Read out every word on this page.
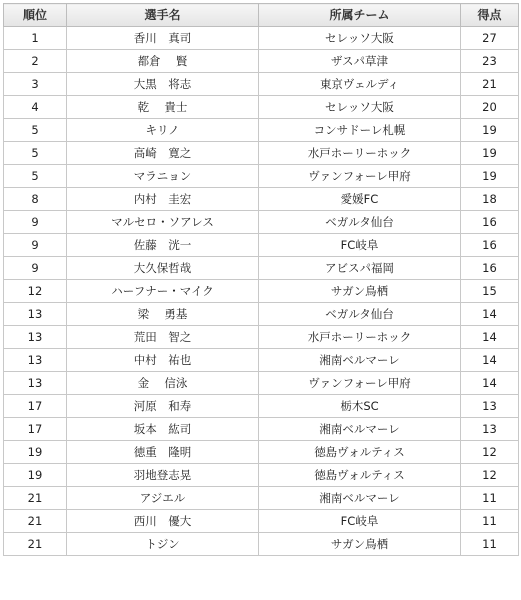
順位	選手名	所属チーム	得点
1	香川　真司	セレッソ大阪	27
2	都倉　 賢	ザスパ草津	23
3	大黒　将志	東京ヴェルディ	21
4	乾　 貴士	セレッソ大阪	20
5	キリノ	コンサドーレ札幌	19
5	高崎　寛之	水戸ホーリーホック	19
5	マラニョン	ヴァンフォーレ甲府	19
8	内村　圭宏	愛媛FC	18
9	マルセロ・ソアレス	ベガルタ仙台	16
9	佐藤　洸一	FC岐阜	16
9	大久保哲哉	アビスパ福岡	16
12	ハーフナー・マイク	サガン鳥栖	15
13	梁　 勇基	ベガルタ仙台	14
13	荒田　智之	水戸ホーリーホック	14
13	中村　祐也	湘南ベルマーレ	14
13	金　 信泳	ヴァンフォーレ甲府	14
17	河原　和寿	栃木SC	13
17	坂本　紘司	湘南ベルマーレ	13
19	徳重　隆明	徳島ヴォルティス	12
19	羽地登志晃	徳島ヴォルティス	12
21	アジエル	湘南ベルマーレ	11
21	西川　優大	FC岐阜	11
21	トジン	サガン鳥栖	11
